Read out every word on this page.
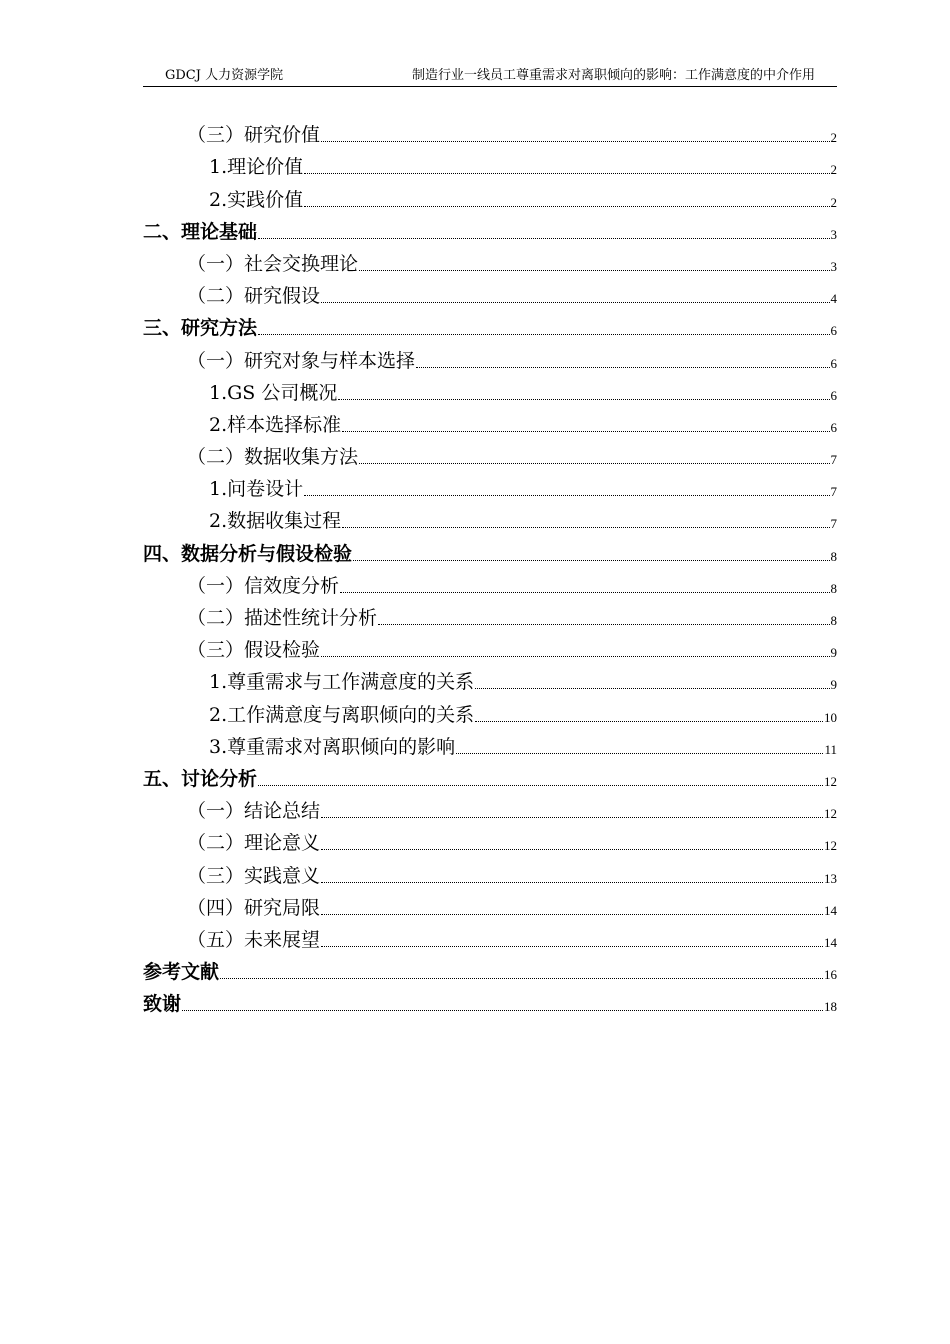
GDCJ 人力资源学院	制造行业一线员工尊重需求对离职倾向的影响：工作满意度的中介作用
（三）研究价值	2
1.理论价值	2
2.实践价值	2
二、理论基础	3
（一）社会交换理论	3
（二）研究假设	4
三、研究方法	6
（一）研究对象与样本选择	6
1.GS 公司概况	6
2.样本选择标准	6
（二）数据收集方法	7
1.问卷设计	7
2.数据收集过程	7
四、数据分析与假设检验	8
（一）信效度分析	8
（二）描述性统计分析	8
（三）假设检验	9
1.尊重需求与工作满意度的关系	9
2.工作满意度与离职倾向的关系	10
3.尊重需求对离职倾向的影响	11
五、讨论分析	12
（一）结论总结	12
（二）理论意义	12
（三）实践意义	13
（四）研究局限	14
（五）未来展望	14
参考文献	16
致谢	18
